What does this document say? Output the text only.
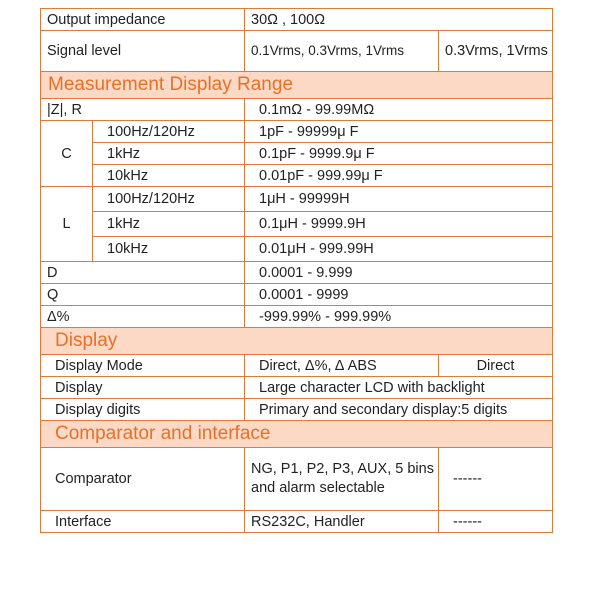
Output impedance		30Ω , 100Ω	
Signal level		0.1Vrms, 0.3Vrms, 1Vrms	0.3Vrms, 1Vrms
Measurement Display Range			
|Z|, R		0.1mΩ - 99.99MΩ	
C	100Hz/120Hz	1pF - 99999μ F	
	1kHz	0.1pF - 9999.9μ F	
	10kHz	0.01pF - 999.99μ F	
L	100Hz/120Hz	1μH - 99999H	
	1kHz	0.1μH - 9999.9H	
	10kHz	0.01μH - 999.99H	
D		0.0001 - 9.999	
Q		0.0001 - 9999	
Δ%		-999.99% - 999.99%	
Display			
Display Mode		Direct, Δ%, Δ ABS	Direct
Display		Large character LCD with backlight	
Display digits		Primary and secondary display:5 digits	
Comparator and interface			
Comparator		NG, P1, P2, P3, AUX, 5 bins and alarm selectable	------
Interface		RS232C, Handler	------
